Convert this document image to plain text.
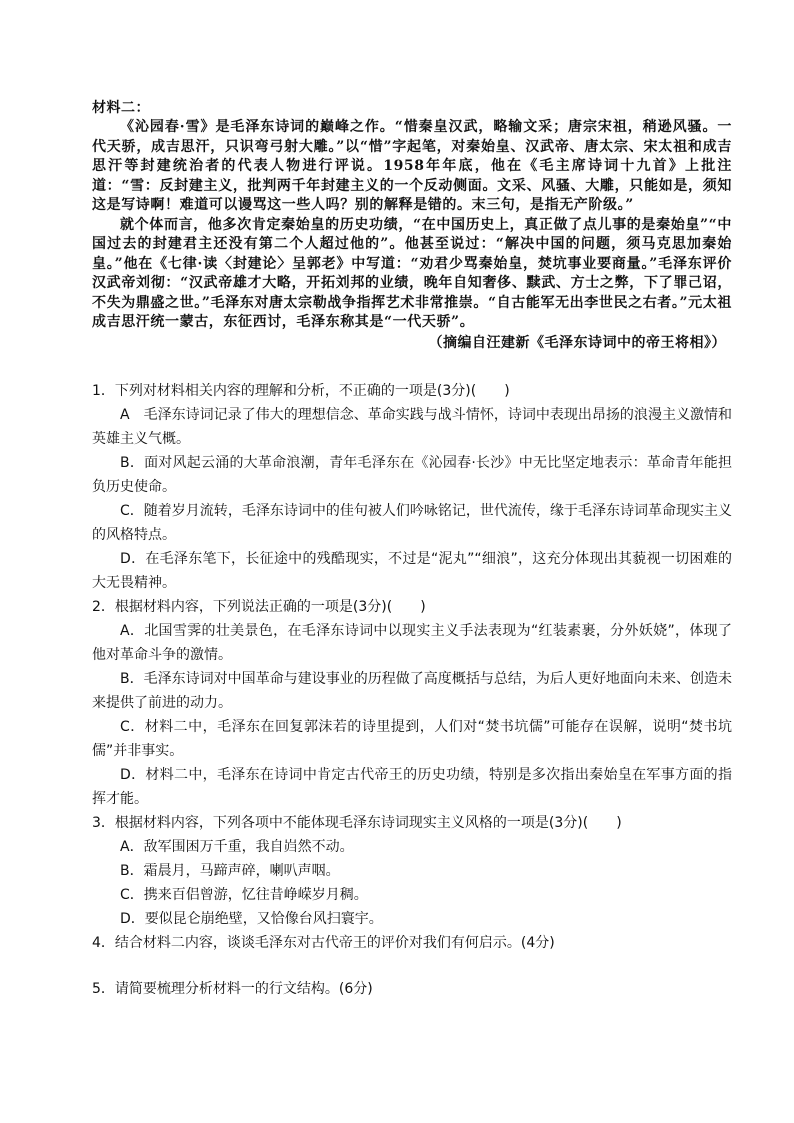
材料二：

《沁园春·雪》是毛泽东诗词的巅峰之作。“惜秦皇汉武，略输文采；唐宗宋祖，稍逊风骚。一代天骄，成吉思汗，只识弯弓射大雕。”以“惜”字起笔，对秦始皇、汉武帝、唐太宗、宋太祖和成吉思汗等封建统治者的代表人物进行评说。1958年年底，他在《毛主席诗词十九首》上批注道：“雪：反封建主义，批判两千年封建主义的一个反动侧面。文采、风骚、大雕，只能如是，须知这是写诗啊！难道可以谩骂这一些人吗？别的解释是错的。末三句，是指无产阶级。”

就个体而言，他多次肯定秦始皇的历史功绩，“在中国历史上，真正做了点儿事的是秦始皇”“中国过去的封建君主还没有第二个人超过他的”。他甚至说过：“解决中国的问题，须马克思加秦始皇。”他在《七律·读〈封建论〉呈郭老》中写道：“劝君少骂秦始皇，焚坑事业要商量。”毛泽东评价汉武帝刘彻：“汉武帝雄才大略，开拓刘邦的业绩，晚年自知奢侈、黩武、方士之弊，下了罪己诏，不失为鼎盛之世。”毛泽东对唐太宗勒战争指挥艺术非常推崇。“自古能军无出李世民之右者。”元太祖成吉思汗统一蒙古，东征西讨，毛泽东称其是“一代天骄”。

（摘编自汪建新《毛泽东诗词中的帝王将相》）

1．下列对材料相关内容的理解和分析，不正确的一项是(3分)(　　)

A　毛泽东诗词记录了伟大的理想信念、革命实践与战斗情怀，诗词中表现出昂扬的浪漫主义激情和英雄主义气概。

B．面对风起云涌的大革命浪潮，青年毛泽东在《沁园春·长沙》中无比坚定地表示：革命青年能担负历史使命。

C．随着岁月流转，毛泽东诗词中的佳句被人们吟咏铭记，世代流传，缘于毛泽东诗词革命现实主义的风格特点。

D．在毛泽东笔下，长征途中的残酷现实，不过是“泥丸”“细浪”，这充分体现出其藐视一切困难的大无畏精神。

2．根据材料内容，下列说法正确的一项是(3分)(　　)

A．北国雪霁的壮美景色，在毛泽东诗词中以现实主义手法表现为“红装素裹，分外妖娆”，体现了他对革命斗争的激情。

B．毛泽东诗词对中国革命与建设事业的历程做了高度概括与总结，为后人更好地面向未来、创造未来提供了前进的动力。

C．材料二中，毛泽东在回复郭沫若的诗里提到，人们对“焚书坑儒”可能存在误解，说明“焚书坑儒”并非事实。

D．材料二中，毛泽东在诗词中肯定古代帝王的历史功绩，特别是多次指出秦始皇在军事方面的指挥才能。

3．根据材料内容，下列各项中不能体现毛泽东诗词现实主义风格的一项是(3分)(　　)

A．敌军围困万千重，我自岿然不动。

B．霜晨月，马蹄声碎，喇叭声咽。

C．携来百侣曾游，忆往昔峥嵘岁月稠。

D．要似昆仑崩绝壁，又恰像台风扫寰宇。

4．结合材料二内容，谈谈毛泽东对古代帝王的评价对我们有何启示。(4分)

5．请简要梳理分析材料一的行文结构。(6分)
